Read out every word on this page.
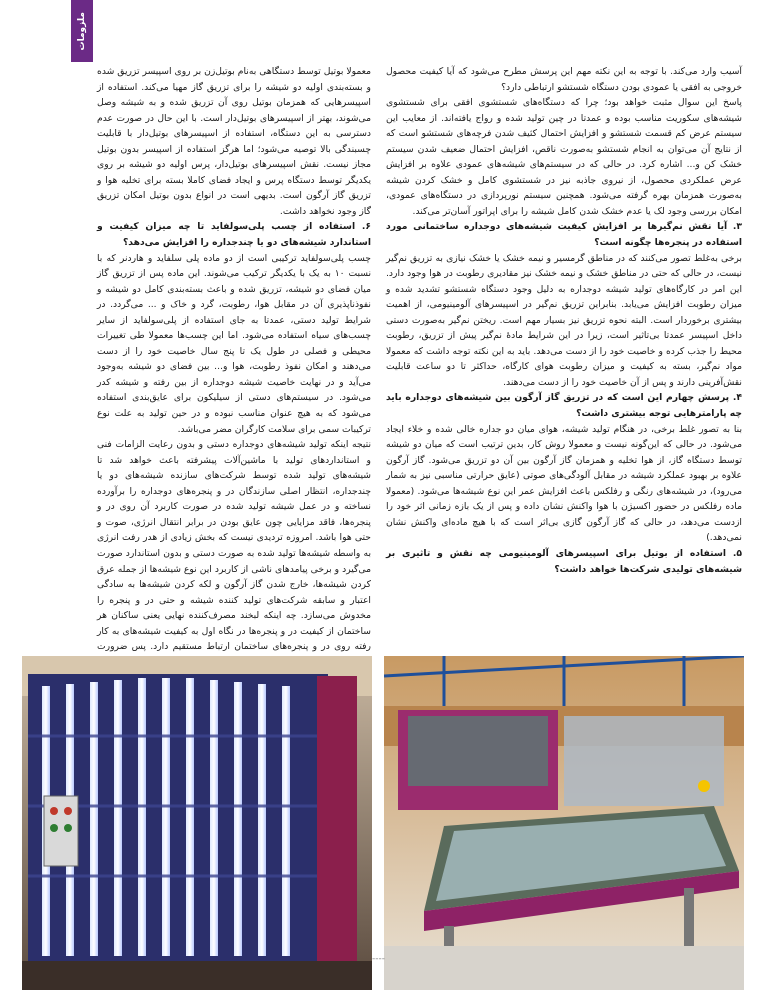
ملزومات

آسیب وارد می‌کند. با توجه به این نکته مهم این پرسش مطرح می‌شود که آیا کیفیت محصول خروجی به افقی یا عمودی بودن دستگاه شستشو ارتباطی دارد؟

پاسخ این سوال مثبت خواهد بود؛ چرا که دستگاه‌های شستشوی افقی برای شستشوی شیشه‌های سکوریت مناسب بوده و عمدتا در چین تولید شده و رواج یافته‌اند. از معایب این سیستم عرض کم قسمت شستشو و افزایش احتمال کثیف شدن فرچه‌های شستشو است که از نتایج آن می‌توان به انجام شستشو به‌صورت ناقص، افزایش احتمال ضعیف شدن سیستم خشک کن و... اشاره کرد. در حالی که در سیستم‌های شیشه‌های عمودی علاوه بر افزایش عرض عملکردی محصول، از نیروی جاذبه نیز در شستشوی کامل و خشک کردن شیشه به‌صورت همزمان بهره گرفته می‌شود. همچنین سیستم نورپردازی در دستگاه‌های عمودی، امکان بررسی وجود لک یا عدم خشک شدن کامل شیشه را برای اپراتور آسان‌تر می‌کند.

۳. آیا نقش نم‌گیرها بر افزایش کیفیت شیشه‌های دوجداره ساختمانی مورد استفاده در پنجره‌ها چگونه است؟

برخی به‌غلط تصور می‌کنند که در مناطق گرمسیر و نیمه خشک یا خشک نیازی به تزریق نم‌گیر نیست، در حالی که حتی در مناطق خشک و نیمه خشک نیز مقادیری رطوبت در هوا وجود دارد. این امر در کارگاه‌های تولید شیشه دوجداره به دلیل وجود دستگاه شستشو تشدید شده و میزان رطوبت افزایش می‌یابد. بنابراین تزریق نم‌گیر در اسپیسرهای آلومینیومی، از اهمیت بیشتری برخوردار است. البته نحوه تزریق نیز بسیار مهم است. ریختن نم‌گیر به‌صورت دستی داخل اسپیسر عمدتا بی‌تاثیر است، زیرا در این شرایط مادۀ نم‌گیر پیش از تزریق، رطوبت محیط را جذب کرده و خاصیت خود را از دست می‌دهد. باید به این نکته توجه داشت که معمولا مواد نم‌گیر، بسته به کیفیت و میزان رطوبت هوای کارگاه، حداکثر تا دو ساعت قابلیت نقش‌آفرینی دارند و پس از آن خاصیت خود را از دست می‌دهند.

۴. پرسش چهارم این است که در تزریق گاز آرگون بین شیشه‌های دوجداره باید چه پارامترهایی توجه بیشتری داشت؟

بنا به تصور غلط برخی، در هنگام تولید شیشه، هوای میان دو جداره خالی شده و خلاء ایجاد می‌شود. در حالی که این‌گونه نیست و معمولا روش کار، بدین ترتیب است که میان دو شیشه توسط دستگاه گاز، از هوا تخلیه و همزمان گاز آرگون بین آن دو تزریق می‌شود. گاز آرگون علاوه بر بهبود عملکرد شیشه در مقابل آلودگی‌های صوتی (عایق حرارتی مناسبی نیز به شمار می‌رود)، در شیشه‌های رنگی و رفلکس باعث افزایش عمر این نوع شیشه‌ها می‌شود. (معمولا ماده رفلکس در حضور اکسیژن با هوا واکنش نشان داده و پس از یک بازه زمانی اثر خود را ازدست می‌دهد، در حالی که گاز آرگون گازی بی‌اثر است که با هیچ ماده‌ای واکنش نشان نمی‌دهد.)

۵. استفاده از بوتیل برای اسپیسرهای آلومینیومی چه نقش و تاثیری بر شیشه‌های تولیدی شرکت‌ها خواهد داشت؟

معمولا بوتیل توسط دستگاهی به‌نام بوتیل‌زن بر روی اسپیسر تزریق شده و بسته‌بندی اولیه دو شیشه را برای تزریق گاز مهیا می‌کند. استفاده از اسپیسرهایی که همزمان بوتیل روی آن تزریق شده و به شیشه وصل می‌شوند، بهتر از اسپیسرهای بوتیل‌دار است. با این حال در صورت عدم دسترسی به این دستگاه، استفاده از اسپیسرهای بوتیل‌دار با قابلیت چسبندگی بالا توصیه می‌شود؛ اما هرگز استفاده از اسپیسر بدون بوتیل مجاز نیست. نقش اسپیسرهای بوتیل‌دار، پرس اولیه دو شیشه بر روی یکدیگر توسط دستگاه پرس و ایجاد فضای کاملا بسته برای تخلیه هوا و تزریق گاز آرگون است. بدیهی است در انواع بدون بوتیل امکان تزریق گاز وجود نخواهد داشت.

۶. استفاده از چسب پلی‌سولفاید تا چه میزان کیفیت و استاندارد شیشه‌های دو یا چندجداره را افزایش می‌دهد؟

چسب پلی‌سولفاید ترکیبی است از دو ماده پلی سلفاید و هاردنر که با نسبت ۱۰ به یک با یکدیگر ترکیب می‌شوند. این ماده پس از تزریق گاز میان فضای دو شیشه، تزریق شده و باعث بسته‌بندی کامل دو شیشه و نفوذناپذیری آن در مقابل هوا، رطوبت، گرد و خاک و ... می‌گردد. در شرایط تولید دستی، عمدتا به جای استفاده از پلی‌سولفاید از سایر چسب‌های سیاه استفاده می‌شود. اما این چسب‌ها معمولا طی تغییرات محیطی و فصلی در طول یک تا پنج سال خاصیت خود را از دست می‌دهند و امکان نفوذ رطوبت، هوا و... بین فضای دو شیشه به‌وجود می‌آید و در نهایت خاصیت شیشه دوجداره از بین رفته و شیشه کدر می‌شود. در سیستم‌های دستی از سیلیکون برای عایق‌بندی استفاده می‌شود که به هیچ عنوان مناسب نبوده و در حین تولید به علت نوع ترکیبات سمی برای سلامت کارگران مضر می‌باشد.

نتیجه اینکه تولید شیشه‌های دوجداره دستی و بدون رعایت الزامات فنی و استانداردهای تولید با ماشین‌آلات پیشرفته باعث خواهد شد تا شیشه‌های تولید شده توسط شرکت‌های سازنده شیشه‌های دو یا چندجداره، انتظار اصلی سازندگان در و پنجره‌های دوجداره را برآورده نساخته و در عمل شیشه تولید شده در صورت کاربرد آن روی در و پنجره‌ها، فاقد مزایایی چون عایق بودن در برابر انتقال انرژی، صوت و حتی هوا باشد. امروزه تردیدی نیست که بخش زیادی از هدر رفت انرژی به واسطه شیشه‌ها تولید شده به صورت دستی و بدون استاندارد صورت می‌گیرد و برخی پیامدهای ناشی از کاربرد این نوع شیشه‌ها از جمله عرق کردن شیشه‌ها، خارج شدن گاز آرگون و لکه کردن شیشه‌ها به سادگی اعتبار و سابقه شرکت‌های تولید کننده شیشه و حتی در و پنجره را مخدوش می‌سازد. چه اینکه لبخند مصرف‌کننده نهایی یعنی ساکنان هر ساختمان از کیفیت در و پنجره‌ها در نگاه اول به کیفیت شیشه‌های به کار رفته روی در و پنجره‌های ساختمان ارتباط مستقیم دارد. پس ضرورت

----
